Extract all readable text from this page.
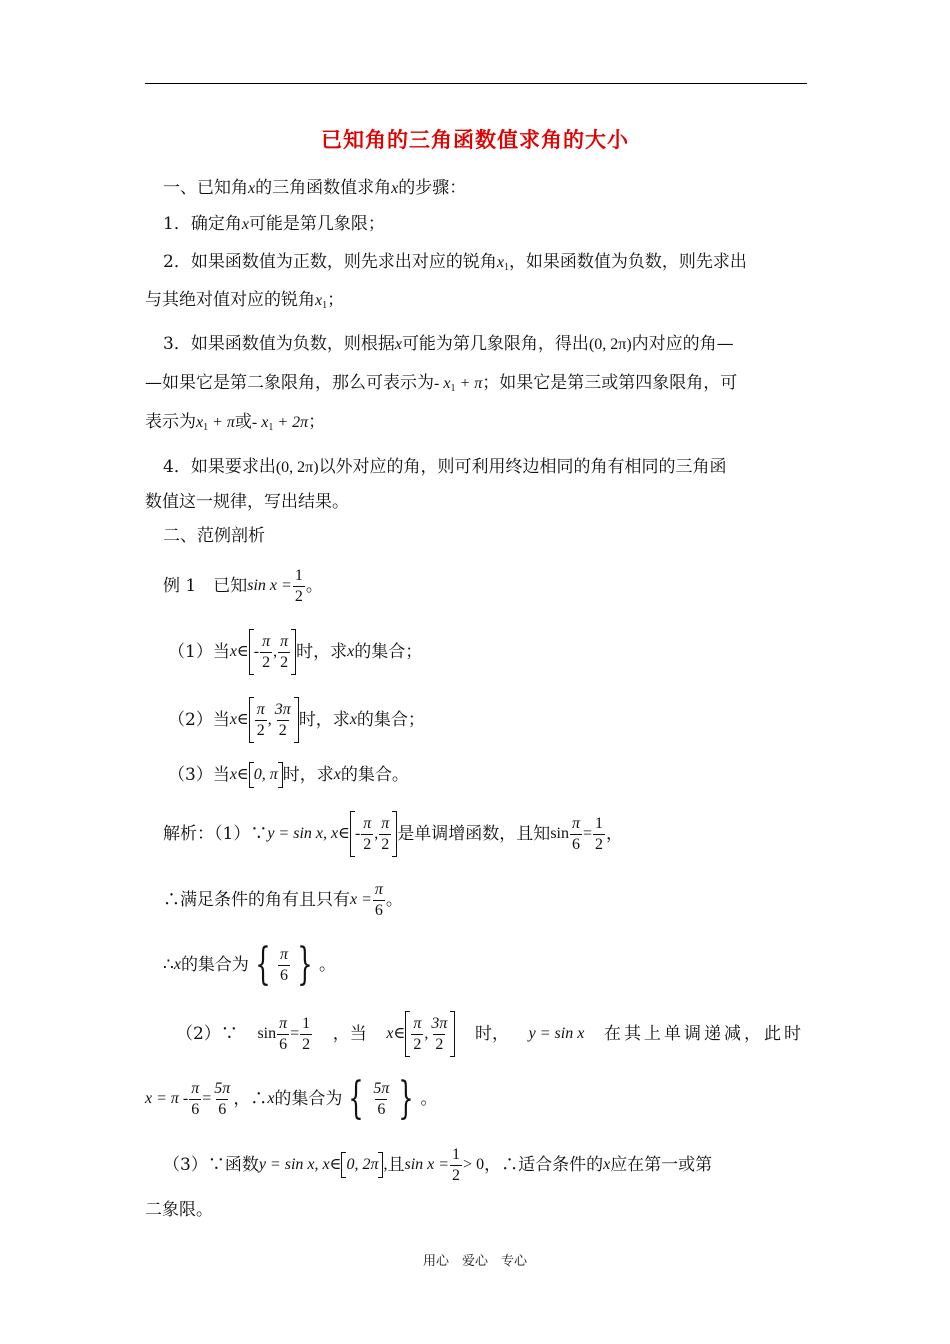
已知角的三角函数值求角的大小
一、已知角x的三角函数值求角x的步骤：
1．确定角x可能是第几象限；
2．如果函数值为正数，则先求出对应的锐角$x_1$，如果函数值为负数，则先求出
与其绝对值对应的锐角$x_1$；
3．如果函数值为负数，则根据x可能为第几象限角，得出(0, 2π)内对应的角—
—如果它是第二象限角，那么可表示为- $x_1 + \pi$；如果它是第三或第四象限角，可
表示为$x_1 + \pi$或- $x_1 + 2\pi$；
4．如果要求出(0, 2π)以外对应的角，则可利用终边相同的角有相同的三角函
数值这一规律，写出结果。
二、范例剖析
例 1　已知 $\sin x = \frac{1}{2}$ 。
（1）当 x∈ - $\frac{\pi}{2}$ , $\frac{\pi}{2}$ 时，求 x 的集合；
（2）当 x∈ $\frac{\pi}{2}$ , $\frac{3\pi}{2}$ 时，求 x 的集合；
（3）当 x∈ 0, π 时，求 x 的集合。
解析：（1）∵ y = sin x, x∈ - $\frac{\pi}{2}$ , $\frac{\pi}{2}$ 是单调增函数，且知 $\sin \frac{\pi}{6} = \frac{1}{2}$ ，
∴满足条件的角有且只有 $x = \frac{\pi}{6}$ 。
∴ x 的集合为 { $\frac{\pi}{6}$ } 。
（2）∵ $\sin \frac{\pi}{6} = \frac{1}{2}$ ，当 x∈ $\frac{\pi}{2}$ , $\frac{3\pi}{2}$ 时， y = sin x 在其上单调递减，此时
$x = \pi - \frac{\pi}{6} = \frac{5\pi}{6}$ ，∴ x 的集合为 { $\frac{5\pi}{6}$ } 。
（3）∵函数 y = sin x, x∈ 0, 2π , 且 $\sin x = \frac{1}{2} > 0$ ，∴适合条件的 x 应在第一或第
二象限。
用心　爱心　专心
